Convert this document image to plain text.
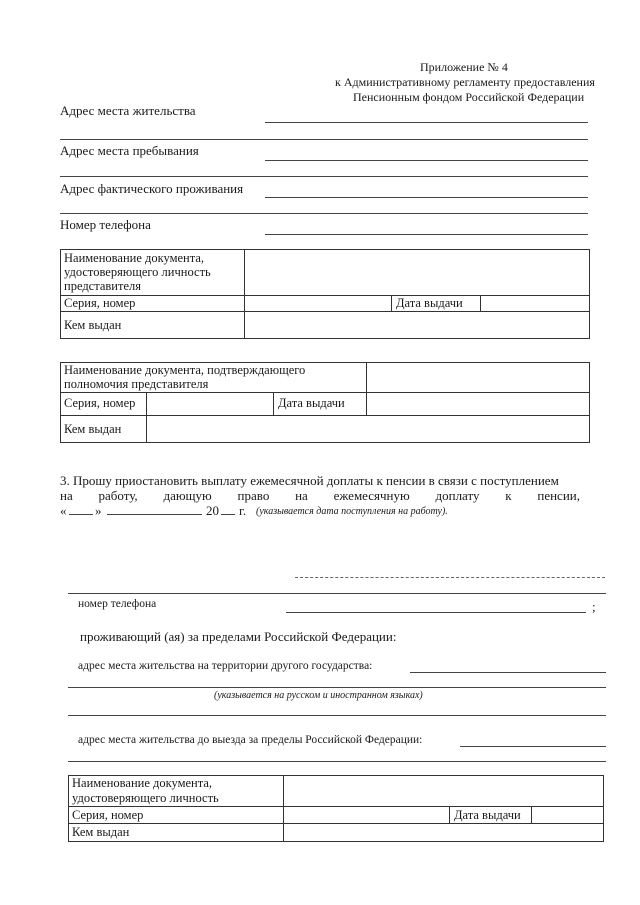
Приложение № 4
к Административному регламенту предоставления
Пенсионным фондом Российской Федерации
Адрес места жительства
Адрес места пребывания
Адрес фактического проживания
Номер телефона
Наименование документа,
удостоверяющего личность
представителя
Серия, номер	Дата выдачи
Кем выдан
Наименование документа, подтверждающего
полномочия представителя
Серия, номер	Дата выдачи
Кем выдан
3. Прошу приостановить выплату ежемесячной доплаты к пенсии в связи с поступлением
на работу, дающую право на ежемесячную доплату к пенсии,
« »	20 г. (указывается дата поступления на работу).
номер телефона	;
проживающий (ая) за пределами Российской Федерации:
адрес места жительства на территории другого государства:
(указывается на русском и иностранном языках)
адрес места жительства до выезда за пределы Российской Федерации:
Наименование документа,
удостоверяющего личность
Серия, номер	Дата выдачи
Кем выдан
